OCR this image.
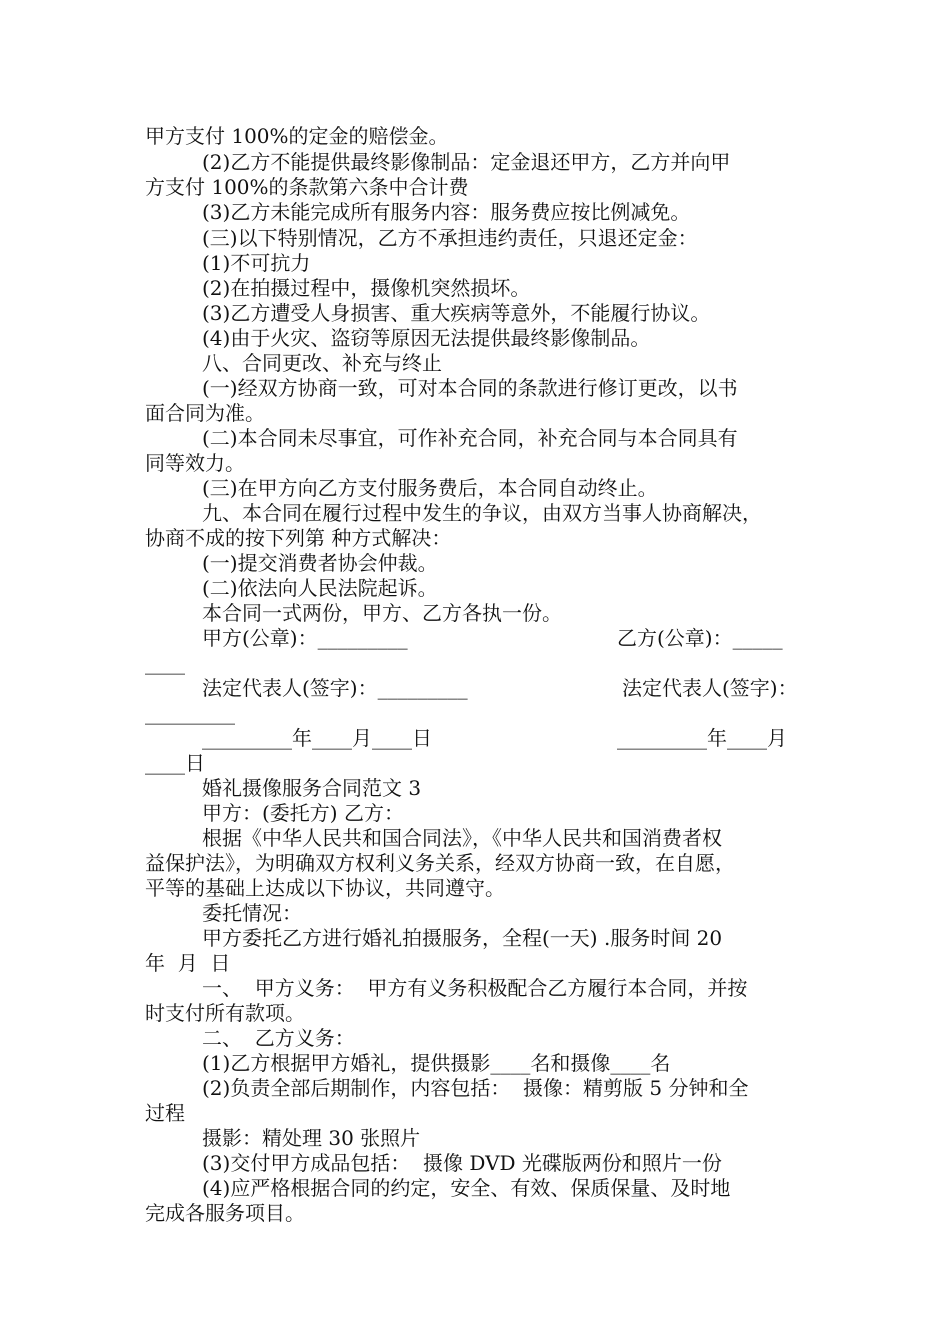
甲方支付 100%的定金的赔偿金。
(2)乙方不能提供最终影像制品：定金退还甲方，乙方并向甲
方支付 100%的条款第六条中合计费
(3)乙方未能完成所有服务内容：服务费应按比例减免。
(三)以下特别情况，乙方不承担违约责任，只退还定金：
(1)不可抗力
(2)在拍摄过程中，摄像机突然损坏。
(3)乙方遭受人身损害、重大疾病等意外，不能履行协议。
(4)由于火灾、盗窃等原因无法提供最终影像制品。
八、合同更改、补充与终止
(一)经双方协商一致，可对本合同的条款进行修订更改，以书
面合同为准。
(二)本合同未尽事宜，可作补充合同，补充合同与本合同具有
同等效力。
(三)在甲方向乙方支付服务费后，本合同自动终止。
九、本合同在履行过程中发生的争议，由双方当事人协商解决，
协商不成的按下列第 种方式解决：
(一)提交消费者协会仲裁。
(二)依法向人民法院起诉。
本合同一式两份，甲方、乙方各执一份。
甲方(公章)：_________	乙方(公章)：_____
____
法定代表人(签字)：_________	法定代表人(签字)：
_________
_________年____月____日	_________年____月
____日
婚礼摄像服务合同范文 3
甲方：(委托方) 乙方：
根据《中华人民共和国合同法》，《中华人民共和国消费者权
益保护法》，为明确双方权利义务关系，经双方协商一致，在自愿，
平等的基础上达成以下协议，共同遵守。
委托情况：
甲方委托乙方进行婚礼拍摄服务，全程(一天) .服务时间 20
年  月  日
一、  甲方义务：  甲方有义务积极配合乙方履行本合同，并按
时支付所有款项。
二、  乙方义务：
(1)乙方根据甲方婚礼，提供摄影____名和摄像____名
(2)负责全部后期制作，内容包括：  摄像：精剪版 5 分钟和全
过程
摄影：精处理 30 张照片
(3)交付甲方成品包括：  摄像 DVD 光碟版两份和照片一份
(4)应严格根据合同的约定，安全、有效、保质保量、及时地
完成各服务项目。
